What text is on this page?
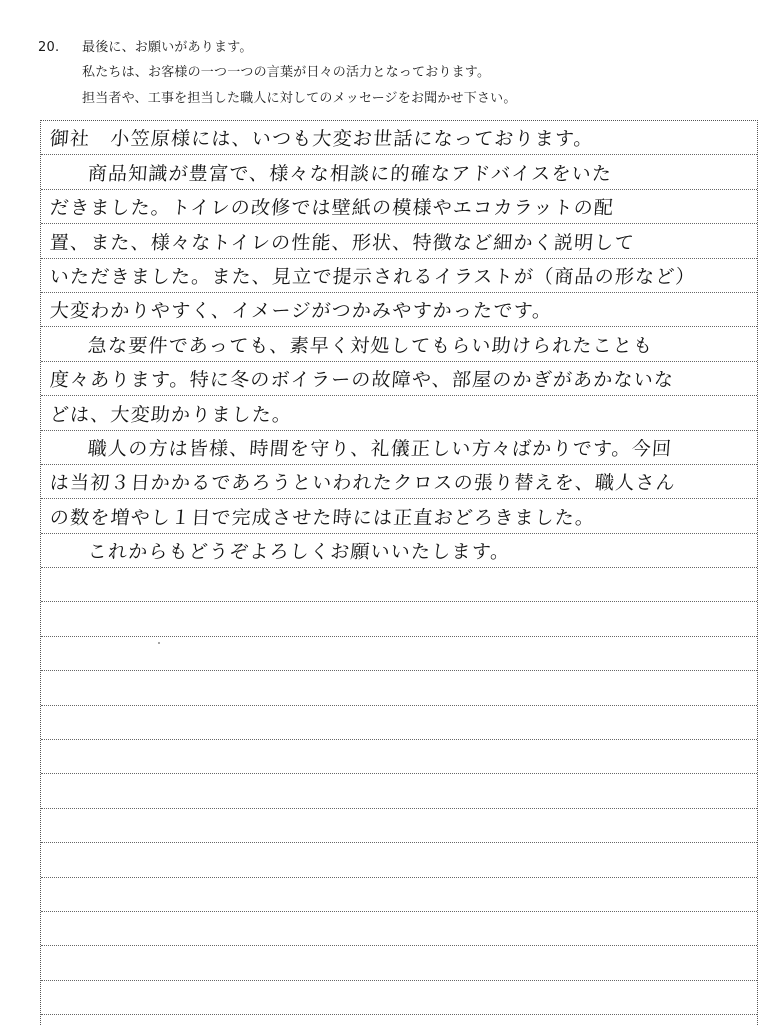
20. 最後に、お願いがあります。
私たちは、お客様の一つ一つの言葉が日々の活力となっております。
担当者や、工事を担当した職人に対してのメッセージをお聞かせ下さい。
御社　小笠原様には、いつも大変お世話になっております。
商品知識が豊富で、様々な相談に的確なアドバイスをいた
だきました。トイレの改修では壁紙の模様やエコカラットの配
置、また、様々なトイレの性能、形状、特徴など細かく説明して
いただきました。また、見立で提示されるイラストが（商品の形など）
大変わかりやすく、イメージがつかみやすかったです。
急な要件であっても、素早く対処してもらい助けられたことも
度々あります。特に冬のボイラーの故障や、部屋のかぎがあかないな
どは、大変助かりました。
職人の方は皆様、時間を守り、礼儀正しい方々ばかりです。今回
は当初３日かかるであろうといわれたクロスの張り替えを、職人さん
の数を増やし１日で完成させた時には正直おどろきました。
これからもどうぞよろしくお願いいたします。
